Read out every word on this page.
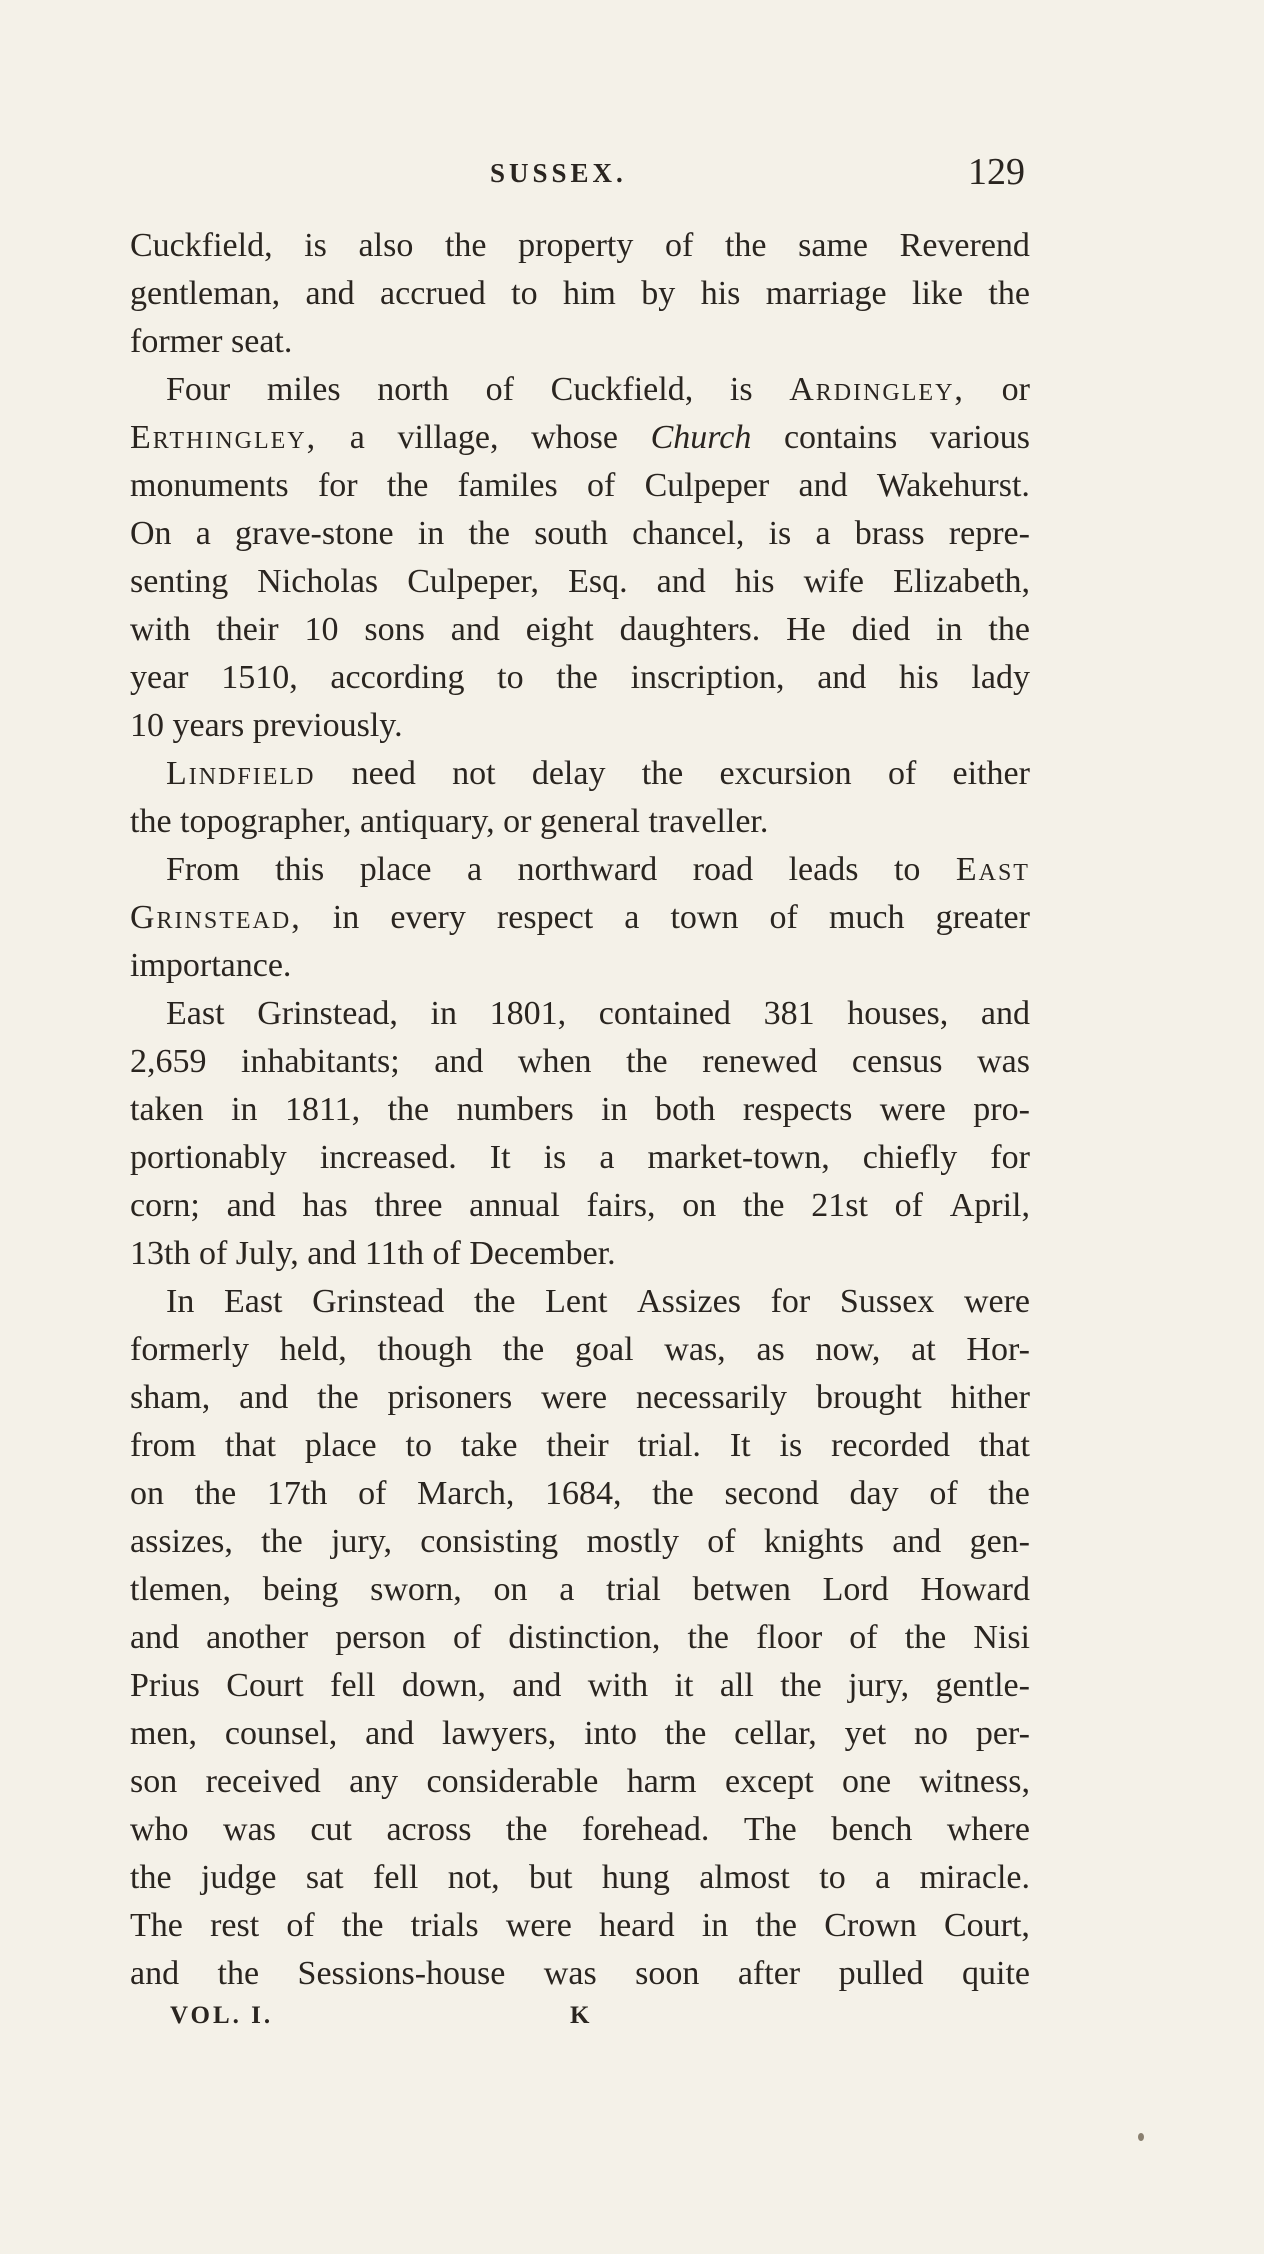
SUSSEX.	129
Cuckfield, is also the property of the same Reverend
gentleman, and accrued to him by his marriage like the
former seat.
Four miles north of Cuckfield, is Ardingley, or
Erthingley, a village, whose Church contains various
monuments for the familes of Culpeper and Wakehurst.
On a grave-stone in the south chancel, is a brass repre-
senting Nicholas Culpeper, Esq. and his wife Elizabeth,
with their 10 sons and eight daughters. He died in the
year 1510, according to the inscription, and his lady
10 years previously.
Lindfield need not delay the excursion of either
the topographer, antiquary, or general traveller.
From this place a northward road leads to East
Grinstead, in every respect a town of much greater
importance.
East Grinstead, in 1801, contained 381 houses, and
2,659 inhabitants; and when the renewed census was
taken in 1811, the numbers in both respects were pro-
portionably increased. It is a market-town, chiefly for
corn; and has three annual fairs, on the 21st of April,
13th of July, and 11th of December.
In East Grinstead the Lent Assizes for Sussex were
formerly held, though the goal was, as now, at Hor-
sham, and the prisoners were necessarily brought hither
from that place to take their trial. It is recorded that
on the 17th of March, 1684, the second day of the
assizes, the jury, consisting mostly of knights and gen-
tlemen, being sworn, on a trial betwen Lord Howard
and another person of distinction, the floor of the Nisi
Prius Court fell down, and with it all the jury, gentle-
men, counsel, and lawyers, into the cellar, yet no per-
son received any considerable harm except one witness,
who was cut across the forehead. The bench where
the judge sat fell not, but hung almost to a miracle.
The rest of the trials were heard in the Crown Court,
and the Sessions-house was soon after pulled quite
VOL. I.	K
